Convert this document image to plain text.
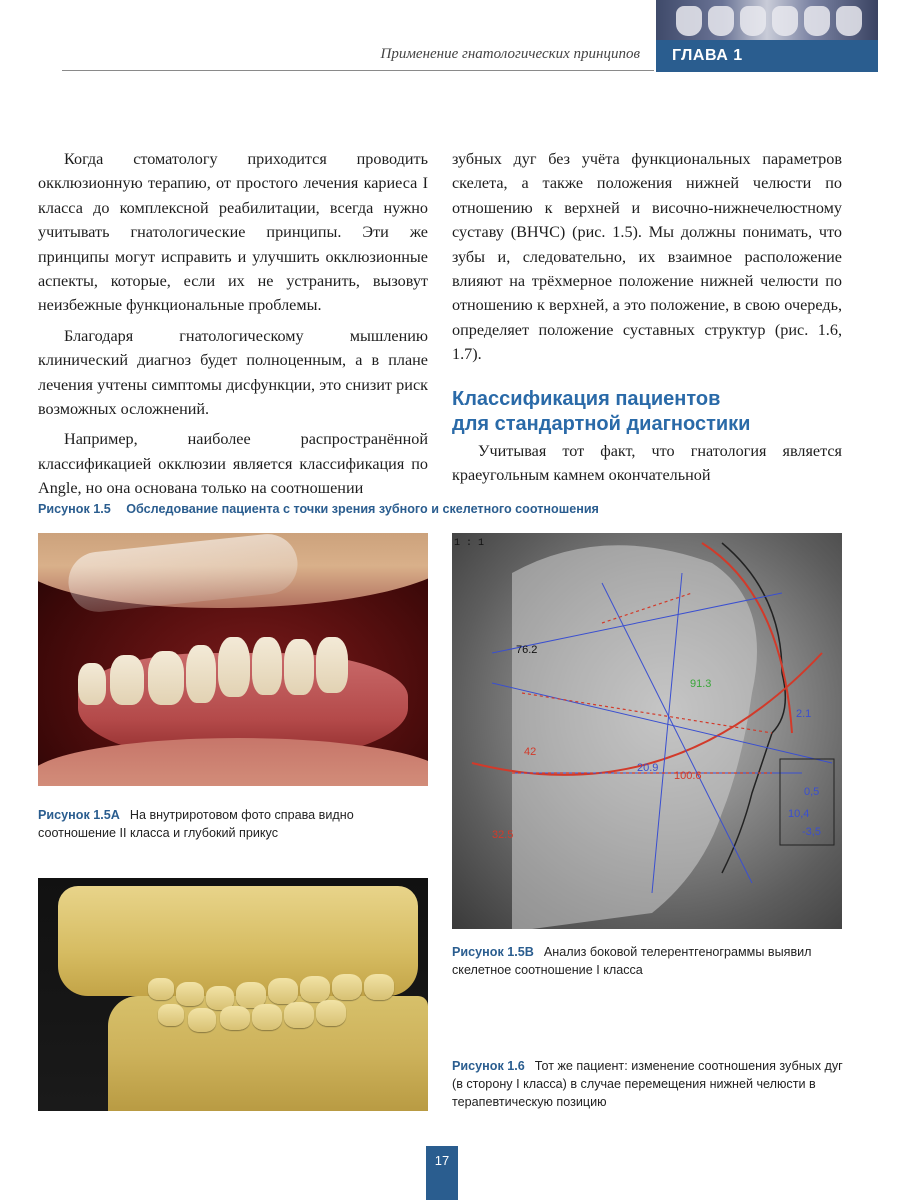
Применение гнатологических принципов	ГЛАВА 1

Когда стоматологу приходится проводить окклюзионную терапию, от простого лечения кариеса I класса до комплексной реабилитации, всегда нужно учитывать гнатологические принципы. Эти же принципы могут исправить и улучшить окклюзионные аспекты, которые, если их не устранить, вызовут неизбежные функциональные проблемы.

Благодаря гнатологическому мышлению клинический диагноз будет полноценным, а в плане лечения учтены симптомы дисфункции, это снизит риск возможных осложнений.

Например, наиболее распространённой классификацией окклюзии является классификация по Angle, но она основана только на соотношении

зубных дуг без учёта функциональных параметров скелета, а также положения нижней челюсти по отношению к верхней и височно-нижнечелюстному суставу (ВНЧС) (рис. 1.5). Мы должны понимать, что зубы и, следовательно, их взаимное расположение влияют на трёхмерное положение нижней челюсти по отношению к верхней, а это положение, в свою очередь, определяет положение суставных структур (рис. 1.6, 1.7).

Классификация пациентов
для стандартной диагностики

Учитывая тот факт, что гнатология является краеугольным камнем окончательной

Рисунок 1.5 Обследование пациента с точки зрения зубного и скелетного соотношения
Рисунок 1.5А На внутриротовом фото справа видно соотношение II класса и глубокий прикус
1 : 1
76.2
42
20.9
100.6
91.3
2.1
0,5
10,4
-3,5
32.5
Рисунок 1.5В Анализ боковой телерентгенограммы выявил скелетное соотношение I класса
Рисунок 1.6 Тот же пациент: изменение соотношения зубных дуг (в сторону I класса) в случае перемещения нижней челюсти в терапевтическую позицию
17
